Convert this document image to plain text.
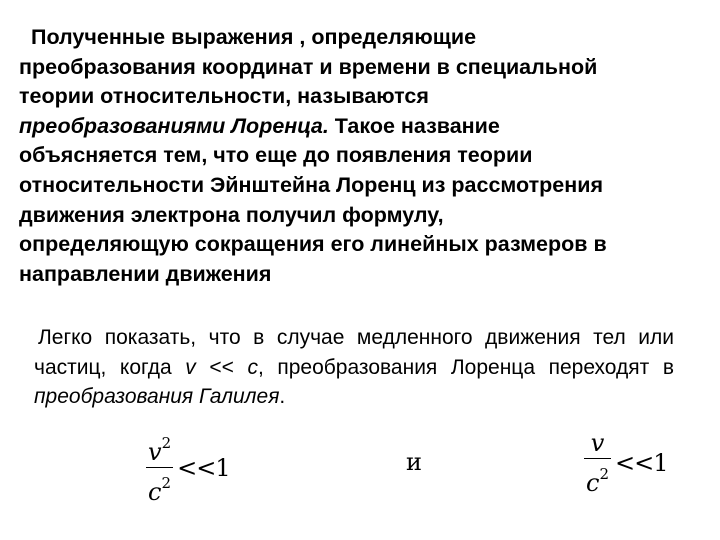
Полученные выражения , определяющие
преобразования координат и времени в специальной
теории относительности, называются
преобразованиями Лоренца. Такое название
объясняется тем, что еще до появления теории
относительности Эйнштейна Лоренц из рассмотрения
движения электрона получил формулу,
определяющую сокращения его линейных размеров в
направлении движения

Легко показать, что в случае медленного движения тел или частиц, когда v << c, преобразования Лоренца переходят в преобразования Галилея.

$\frac{v^2}{c^2} <<1$	и	$\frac{v}{c^2} <<1$
